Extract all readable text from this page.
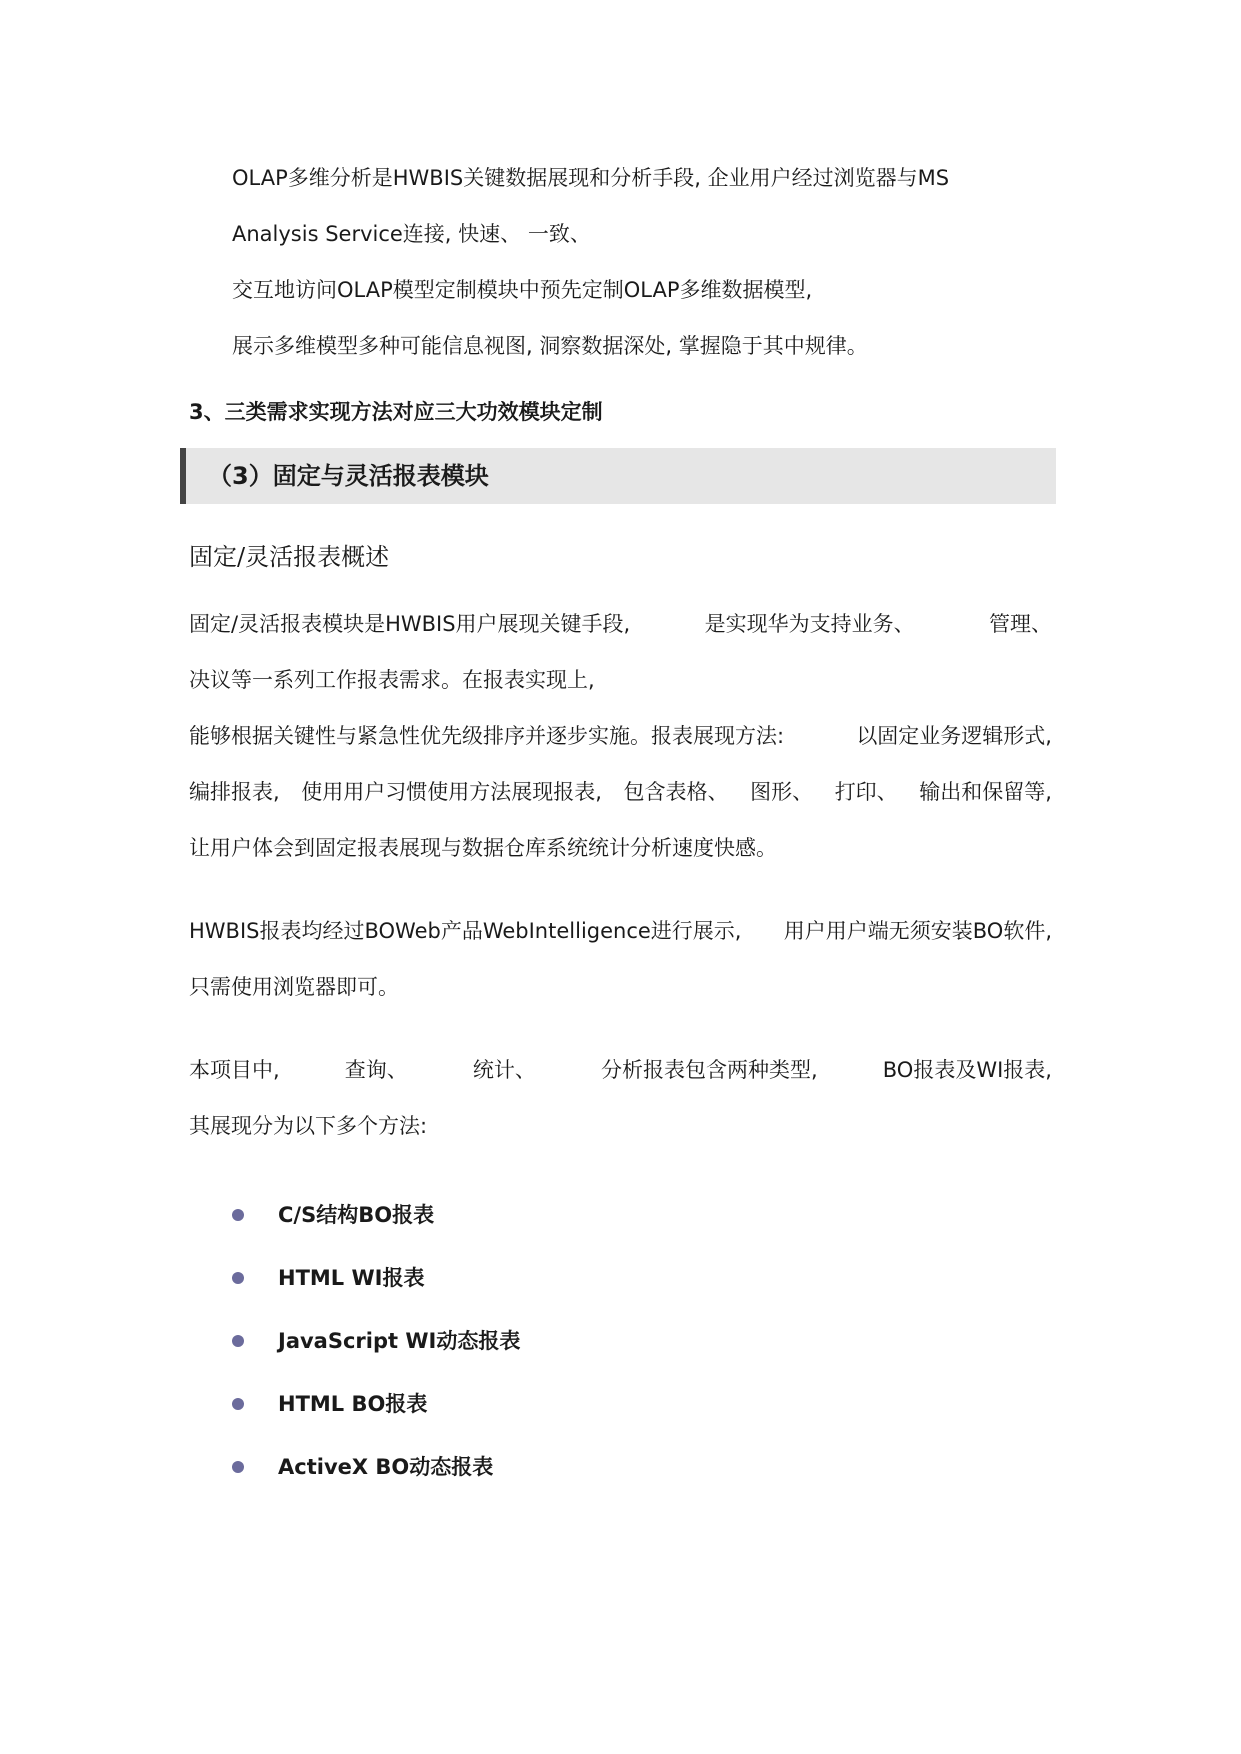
OLAP多维分析是HWBIS关键数据展现和分析手段, 企业用户经过浏览器与MS
Analysis Service连接, 快速、 一致、
交互地访问OLAP模型定制模块中预先定制OLAP多维数据模型,
展示多维模型多种可能信息视图, 洞察数据深处, 掌握隐于其中规律。
3、三类需求实现方法对应三大功效模块定制
（3）固定与灵活报表模块
固定/灵活报表概述
固定/灵活报表模块是HWBIS用户展现关键手段,	是实现华为支持业务、	管理、
决议等一系列工作报表需求。在报表实现上,
能够根据关键性与紧急性优先级排序并逐步实施。报表展现方法:	以固定业务逻辑形式,
编排报表, 使用用户习惯使用方法展现报表, 包含表格、 图形、 打印、 输出和保留等,
让用户体会到固定报表展现与数据仓库系统统计分析速度快感。
HWBIS报表均经过BOWeb产品WebIntelligence进行展示, 用户用户端无须安装BO软件,
只需使用浏览器即可。
本项目中,	查询、	统计、	分析报表包含两种类型,	BO报表及WI报表,
其展现分为以下多个方法:
C/S结构BO报表
HTML WI报表
JavaScript WI动态报表
HTML BO报表
ActiveX BO动态报表
